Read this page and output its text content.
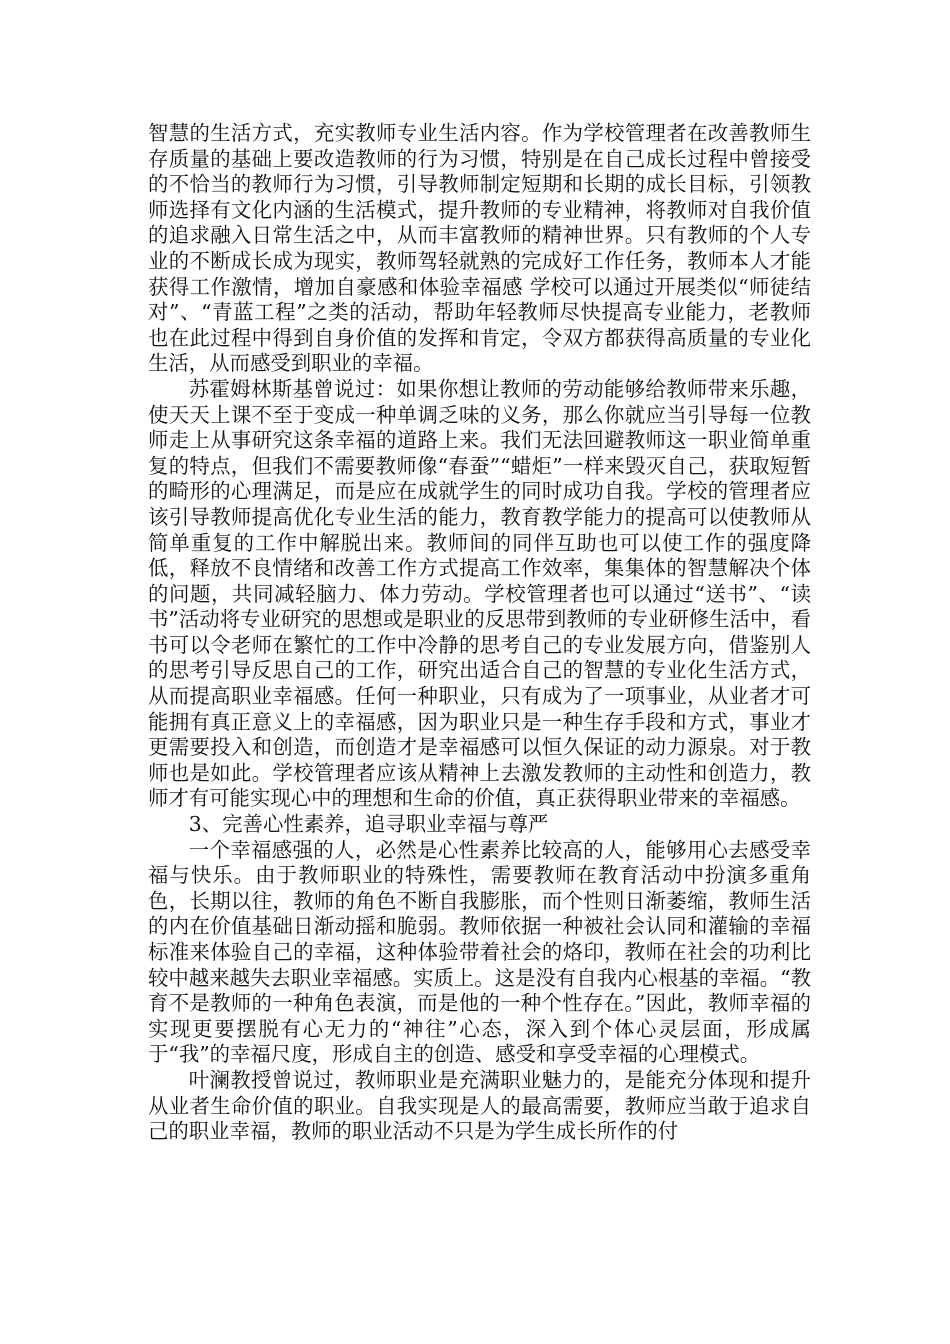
智慧的生活方式，充实教师专业生活内容。作为学校管理者在改善教师生存质量的基础上要改造教师的行为习惯，特别是在自己成长过程中曾接受的不恰当的教师行为习惯，引导教师制定短期和长期的成长目标，引领教师选择有文化内涵的生活模式，提升教师的专业精神，将教师对自我价值的追求融入日常生活之中，从而丰富教师的精神世界。只有教师的个人专业的不断成长成为现实，教师驾轻就熟的完成好工作任务，教师本人才能获得工作激情，增加自豪感和体验幸福感 学校可以通过开展类似“师徒结对”、“青蓝工程”之类的活动，帮助年轻教师尽快提高专业能力，老教师也在此过程中得到自身价值的发挥和肯定，令双方都获得高质量的专业化生活，从而感受到职业的幸福。

苏霍姆林斯基曾说过：如果你想让教师的劳动能够给教师带来乐趣，使天天上课不至于变成一种单调乏味的义务，那么你就应当引导每一位教师走上从事研究这条幸福的道路上来。我们无法回避教师这一职业简单重复的特点，但我们不需要教师像“春蚕”“蜡炬”一样来毁灭自己，获取短暂的畸形的心理满足，而是应在成就学生的同时成功自我。学校的管理者应该引导教师提高优化专业生活的能力，教育教学能力的提高可以使教师从简单重复的工作中解脱出来。教师间的同伴互助也可以使工作的强度降低，释放不良情绪和改善工作方式提高工作效率，集集体的智慧解决个体的问题，共同减轻脑力、体力劳动。学校管理者也可以通过“送书”、“读书”活动将专业研究的思想或是职业的反思带到教师的专业研修生活中，看书可以令老师在繁忙的工作中冷静的思考自己的专业发展方向，借鉴别人的思考引导反思自己的工作，研究出适合自己的智慧的专业化生活方式，从而提高职业幸福感。任何一种职业，只有成为了一项事业，从业者才可能拥有真正意义上的幸福感，因为职业只是一种生存手段和方式，事业才更需要投入和创造，而创造才是幸福感可以恒久保证的动力源泉。对于教师也是如此。学校管理者应该从精神上去激发教师的主动性和创造力，教师才有可能实现心中的理想和生命的价值，真正获得职业带来的幸福感。

3、完善心性素养，追寻职业幸福与尊严

一个幸福感强的人，必然是心性素养比较高的人，能够用心去感受幸福与快乐。由于教师职业的特殊性，需要教师在教育活动中扮演多重角色，长期以往，教师的角色不断自我膨胀，而个性则日渐萎缩，教师生活的内在价值基础日渐动摇和脆弱。教师依据一种被社会认同和灌输的幸福标准来体验自己的幸福，这种体验带着社会的烙印，教师在社会的功利比较中越来越失去职业幸福感。实质上。这是没有自我内心根基的幸福。“教育不是教师的一种角色表演，而是他的一种个性存在。”因此，教师幸福的实现更要摆脱有心无力的“神往”心态，深入到个体心灵层面，形成属于“我”的幸福尺度，形成自主的创造、感受和享受幸福的心理模式。

叶澜教授曾说过，教师职业是充满职业魅力的，是能充分体现和提升从业者生命价值的职业。自我实现是人的最高需要，教师应当敢于追求自己的职业幸福，教师的职业活动不只是为学生成长所作的付
